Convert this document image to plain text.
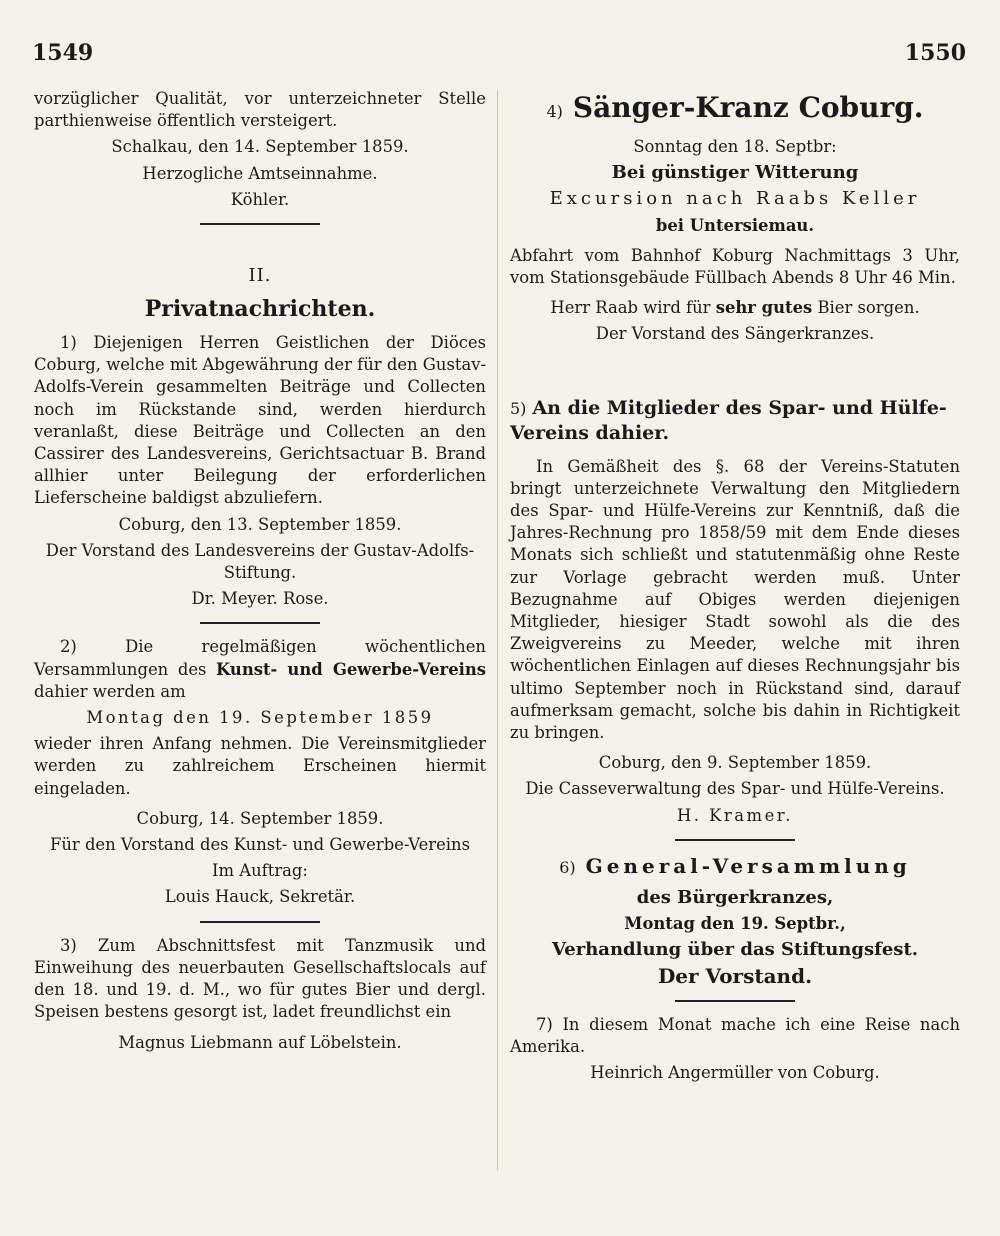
1549	1550

vorzüglicher Qualität, vor unterzeichneter Stelle parthienweise öffentlich versteigert.

Schalkau, den 14. September 1859.

Herzogliche Amtseinnahme.

Köhler.

II.

Privatnachrichten.

1) Diejenigen Herren Geistlichen der Diöces Coburg, welche mit Abgewährung der für den Gustav-Adolfs-Verein gesammelten Beiträge und Collecten noch im Rückstande sind, werden hierdurch veranlaßt, diese Beiträge und Collecten an den Cassirer des Landesvereins, Gerichtsactuar B. Brand allhier unter Beilegung der erforderlichen Lieferscheine baldigst abzuliefern.

Coburg, den 13. September 1859.

Der Vorstand des Landesvereins der Gustav-Adolfs-Stiftung.

Dr. Meyer. Rose.

2) Die regelmäßigen wöchentlichen Versammlungen des Kunst- und Gewerbe-Vereins dahier werden am

Montag den 19. September 1859

wieder ihren Anfang nehmen. Die Vereinsmitglieder werden zu zahlreichem Erscheinen hiermit eingeladen.

Coburg, 14. September 1859.

Für den Vorstand des Kunst- und Gewerbe-Vereins

Im Auftrag:

Louis Hauck, Sekretär.

3) Zum Abschnittsfest mit Tanzmusik und Einweihung des neuerbauten Gesellschaftslocals auf den 18. und 19. d. M., wo für gutes Bier und dergl. Speisen bestens gesorgt ist, ladet freundlichst ein

Magnus Liebmann auf Löbelstein.

4) Sänger-Kranz Coburg.

Sonntag den 18. Septbr:

Bei günstiger Witterung

Excursion nach Raabs Keller

bei Untersiemau.

Abfahrt vom Bahnhof Koburg Nachmittags 3 Uhr, vom Stationsgebäude Füllbach Abends 8 Uhr 46 Min.

Herr Raab wird für sehr gutes Bier sorgen.

Der Vorstand des Sängerkranzes.

5) An die Mitglieder des Spar- und Hülfe-Vereins dahier.

In Gemäßheit des §. 68 der Vereins-Statuten bringt unterzeichnete Verwaltung den Mitgliedern des Spar- und Hülfe-Vereins zur Kenntniß, daß die Jahres-Rechnung pro 1858/59 mit dem Ende dieses Monats sich schließt und statutenmäßig ohne Reste zur Vorlage gebracht werden muß. Unter Bezugnahme auf Obiges werden diejenigen Mitglieder, hiesiger Stadt sowohl als die des Zweigvereins zu Meeder, welche mit ihren wöchentlichen Einlagen auf dieses Rechnungsjahr bis ultimo September noch in Rückstand sind, darauf aufmerksam gemacht, solche bis dahin in Richtigkeit zu bringen.

Coburg, den 9. September 1859.

Die Casseverwaltung des Spar- und Hülfe-Vereins.

H. Kramer.

6) General-Versammlung

des Bürgerkranzes,

Montag den 19. Septbr.,

Verhandlung über das Stiftungsfest.

Der Vorstand.

7) In diesem Monat mache ich eine Reise nach Amerika.

Heinrich Angermüller von Coburg.
